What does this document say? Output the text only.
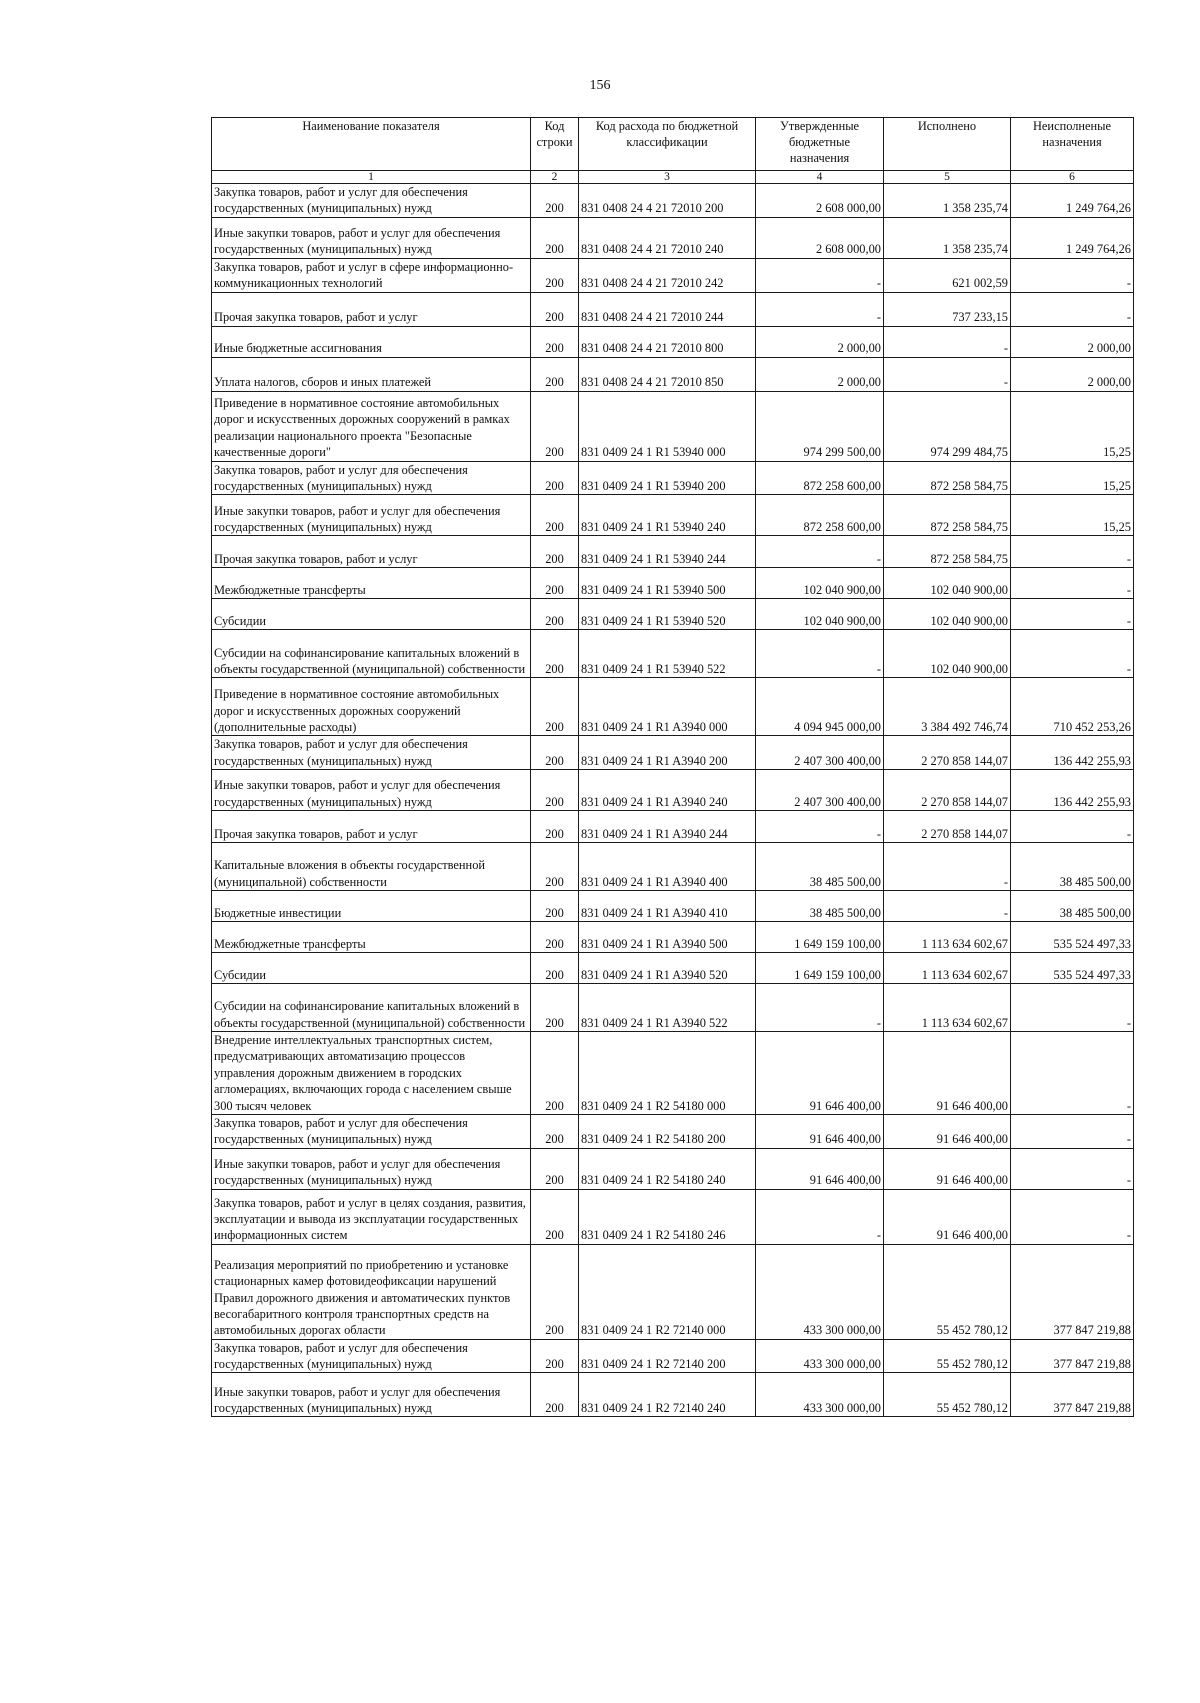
156
Наименование показателя	Код строки	Код расхода по бюджетной классификации	Утвержденные бюджетные назначения	Исполнено	Неисполненые назначения
1	2	3	4	5	6
Закупка товаров, работ и услуг для обеспечения государственных (муниципальных) нужд	200	831 0408 24 4 21 72010 200	2 608 000,00	1 358 235,74	1 249 764,26
Иные закупки товаров, работ и услуг для обеспечения государственных (муниципальных) нужд	200	831 0408 24 4 21 72010 240	2 608 000,00	1 358 235,74	1 249 764,26
Закупка товаров, работ и услуг в сфере информационно-коммуникационных технологий	200	831 0408 24 4 21 72010 242	-	621 002,59	-
Прочая закупка товаров, работ и услуг	200	831 0408 24 4 21 72010 244	-	737 233,15	-
Иные бюджетные ассигнования	200	831 0408 24 4 21 72010 800	2 000,00	-	2 000,00
Уплата налогов, сборов и иных платежей	200	831 0408 24 4 21 72010 850	2 000,00	-	2 000,00
Приведение в нормативное состояние автомобильных дорог и искусственных дорожных сооружений в рамках реализации национального проекта "Безопасные качественные дороги"	200	831 0409 24 1 R1 53940 000	974 299 500,00	974 299 484,75	15,25
Закупка товаров, работ и услуг для обеспечения государственных (муниципальных) нужд	200	831 0409 24 1 R1 53940 200	872 258 600,00	872 258 584,75	15,25
Иные закупки товаров, работ и услуг для обеспечения государственных (муниципальных) нужд	200	831 0409 24 1 R1 53940 240	872 258 600,00	872 258 584,75	15,25
Прочая закупка товаров, работ и услуг	200	831 0409 24 1 R1 53940 244	-	872 258 584,75	-
Межбюджетные трансферты	200	831 0409 24 1 R1 53940 500	102 040 900,00	102 040 900,00	-
Субсидии	200	831 0409 24 1 R1 53940 520	102 040 900,00	102 040 900,00	-
Субсидии на софинансирование капитальных вложений в объекты государственной (муниципальной) собственности	200	831 0409 24 1 R1 53940 522	-	102 040 900,00	-
Приведение в нормативное состояние автомобильных дорог и искусственных дорожных сооружений (дополнительные расходы)	200	831 0409 24 1 R1 A3940 000	4 094 945 000,00	3 384 492 746,74	710 452 253,26
Закупка товаров, работ и услуг для обеспечения государственных (муниципальных) нужд	200	831 0409 24 1 R1 A3940 200	2 407 300 400,00	2 270 858 144,07	136 442 255,93
Иные закупки товаров, работ и услуг для обеспечения государственных (муниципальных) нужд	200	831 0409 24 1 R1 A3940 240	2 407 300 400,00	2 270 858 144,07	136 442 255,93
Прочая закупка товаров, работ и услуг	200	831 0409 24 1 R1 A3940 244	-	2 270 858 144,07	-
Капитальные вложения в объекты государственной (муниципальной) собственности	200	831 0409 24 1 R1 A3940 400	38 485 500,00	-	38 485 500,00
Бюджетные инвестиции	200	831 0409 24 1 R1 A3940 410	38 485 500,00	-	38 485 500,00
Межбюджетные трансферты	200	831 0409 24 1 R1 A3940 500	1 649 159 100,00	1 113 634 602,67	535 524 497,33
Субсидии	200	831 0409 24 1 R1 A3940 520	1 649 159 100,00	1 113 634 602,67	535 524 497,33
Субсидии на софинансирование капитальных вложений в объекты государственной (муниципальной) собственности	200	831 0409 24 1 R1 A3940 522	-	1 113 634 602,67	-
Внедрение интеллектуальных транспортных систем, предусматривающих автоматизацию процессов управления дорожным движением в городских агломерациях, включающих города с населением свыше 300 тысяч человек	200	831 0409 24 1 R2 54180 000	91 646 400,00	91 646 400,00	-
Закупка товаров, работ и услуг для обеспечения государственных (муниципальных) нужд	200	831 0409 24 1 R2 54180 200	91 646 400,00	91 646 400,00	-
Иные закупки товаров, работ и услуг для обеспечения государственных (муниципальных) нужд	200	831 0409 24 1 R2 54180 240	91 646 400,00	91 646 400,00	-
Закупка товаров, работ и услуг в целях создания, развития, эксплуатации и вывода из эксплуатации государственных информационных систем	200	831 0409 24 1 R2 54180 246	-	91 646 400,00	-
Реализация мероприятий по приобретению и установке стационарных камер фотовидеофиксации нарушений Правил дорожного движения и автоматических пунктов весогабаритного контроля транспортных средств на автомобильных дорогах области	200	831 0409 24 1 R2 72140 000	433 300 000,00	55 452 780,12	377 847 219,88
Закупка товаров, работ и услуг для обеспечения государственных (муниципальных) нужд	200	831 0409 24 1 R2 72140 200	433 300 000,00	55 452 780,12	377 847 219,88
Иные закупки товаров, работ и услуг для обеспечения государственных (муниципальных) нужд	200	831 0409 24 1 R2 72140 240	433 300 000,00	55 452 780,12	377 847 219,88
